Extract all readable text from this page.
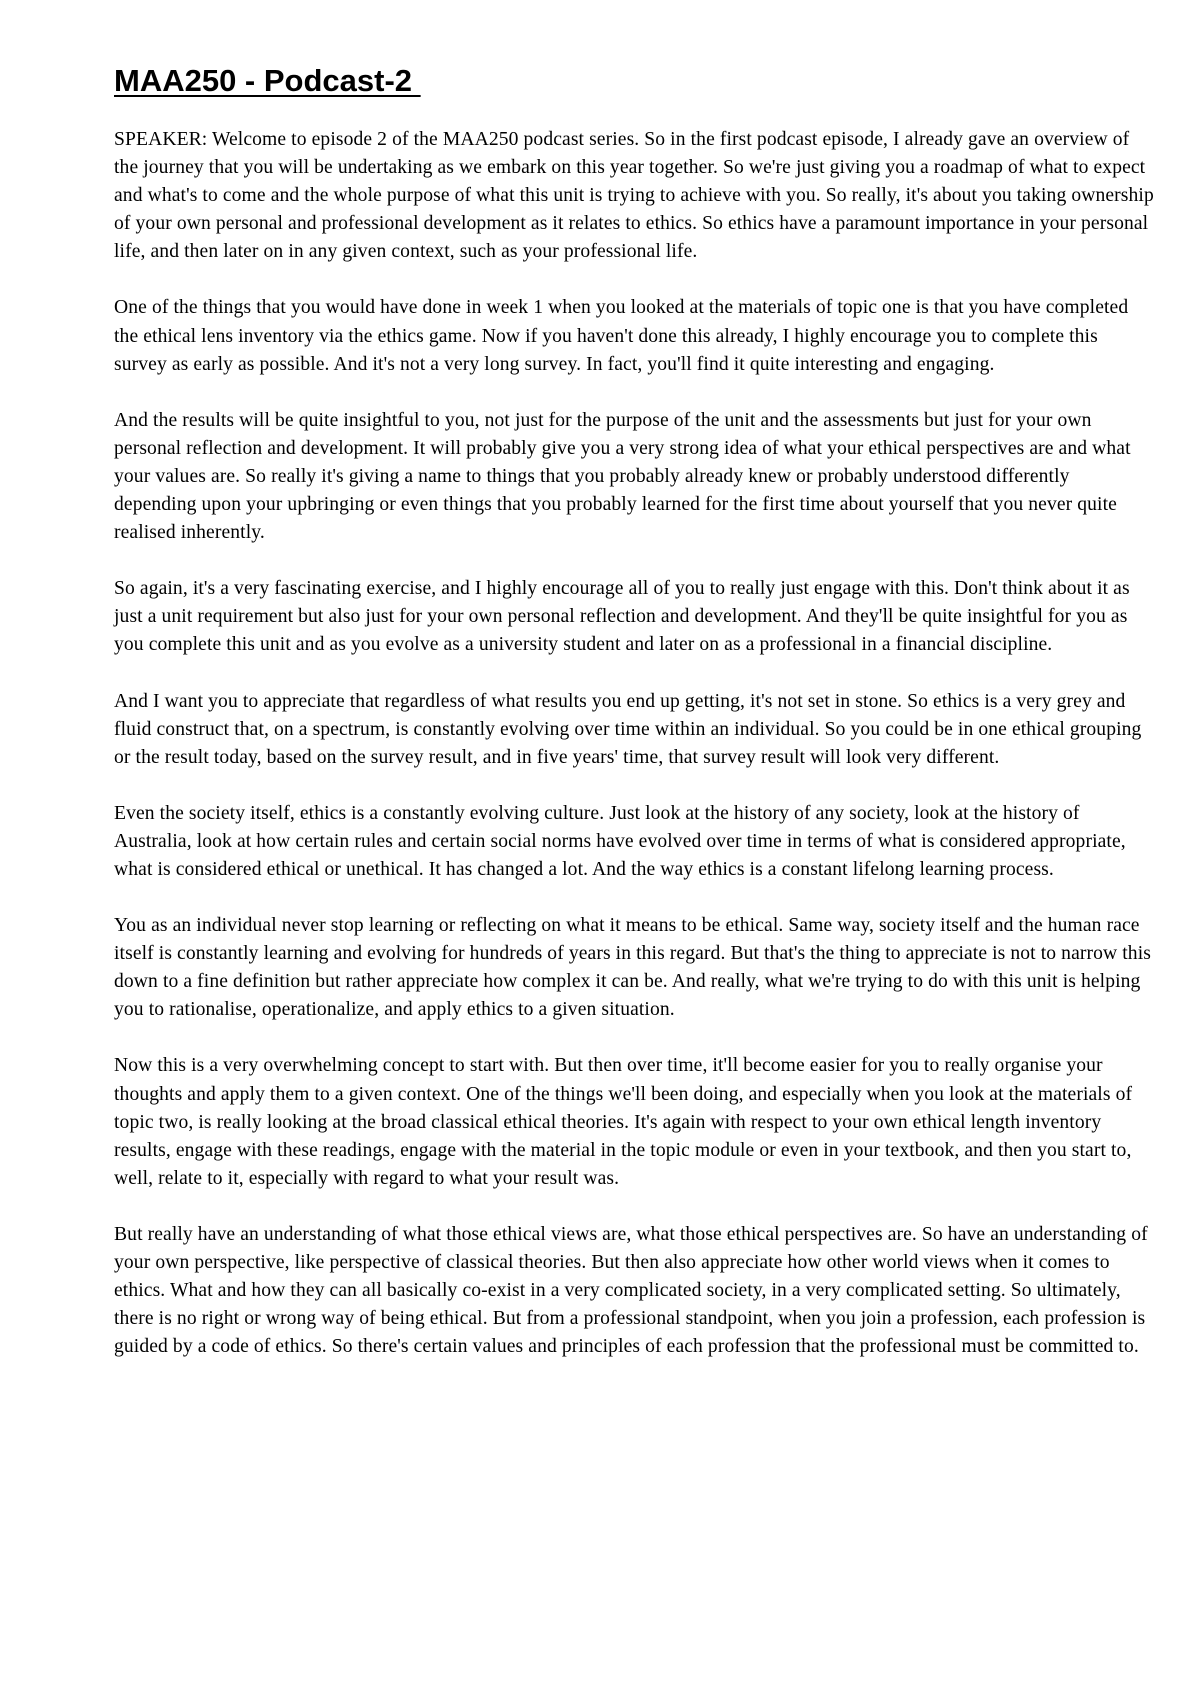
MAA250 - Podcast-2

SPEAKER: Welcome to episode 2 of the MAA250 podcast series. So in the first podcast episode, I already gave an overview of the journey that you will be undertaking as we embark on this year together. So we're just giving you a roadmap of what to expect and what's to come and the whole purpose of what this unit is trying to achieve with you. So really, it's about you taking ownership of your own personal and professional development as it relates to ethics. So ethics have a paramount importance in your personal life, and then later on in any given context, such as your professional life.

One of the things that you would have done in week 1 when you looked at the materials of topic one is that you have completed the ethical lens inventory via the ethics game. Now if you haven't done this already, I highly encourage you to complete this survey as early as possible. And it's not a very long survey. In fact, you'll find it quite interesting and engaging.

And the results will be quite insightful to you, not just for the purpose of the unit and the assessments but just for your own personal reflection and development. It will probably give you a very strong idea of what your ethical perspectives are and what your values are. So really it's giving a name to things that you probably already knew or probably understood differently depending upon your upbringing or even things that you probably learned for the first time about yourself that you never quite realised inherently.

So again, it's a very fascinating exercise, and I highly encourage all of you to really just engage with this. Don't think about it as just a unit requirement but also just for your own personal reflection and development. And they'll be quite insightful for you as you complete this unit and as you evolve as a university student and later on as a professional in a financial discipline.

And I want you to appreciate that regardless of what results you end up getting, it's not set in stone. So ethics is a very grey and fluid construct that, on a spectrum, is constantly evolving over time within an individual. So you could be in one ethical grouping or the result today, based on the survey result, and in five years' time, that survey result will look very different.

Even the society itself, ethics is a constantly evolving culture. Just look at the history of any society, look at the history of Australia, look at how certain rules and certain social norms have evolved over time in terms of what is considered appropriate, what is considered ethical or unethical. It has changed a lot. And the way ethics is a constant lifelong learning process.

You as an individual never stop learning or reflecting on what it means to be ethical. Same way, society itself and the human race itself is constantly learning and evolving for hundreds of years in this regard. But that's the thing to appreciate is not to narrow this down to a fine definition but rather appreciate how complex it can be. And really, what we're trying to do with this unit is helping you to rationalise, operationalize, and apply ethics to a given situation.

Now this is a very overwhelming concept to start with. But then over time, it'll become easier for you to really organise your thoughts and apply them to a given context. One of the things we'll been doing, and especially when you look at the materials of topic two, is really looking at the broad classical ethical theories. It's again with respect to your own ethical length inventory results, engage with these readings, engage with the material in the topic module or even in your textbook, and then you start to, well, relate to it, especially with regard to what your result was.

But really have an understanding of what those ethical views are, what those ethical perspectives are. So have an understanding of your own perspective, like perspective of classical theories. But then also appreciate how other world views when it comes to ethics. What and how they can all basically co-exist in a very complicated society, in a very complicated setting. So ultimately, there is no right or wrong way of being ethical. But from a professional standpoint, when you join a profession, each profession is guided by a code of ethics. So there's certain values and principles of each profession that the professional must be committed to.
